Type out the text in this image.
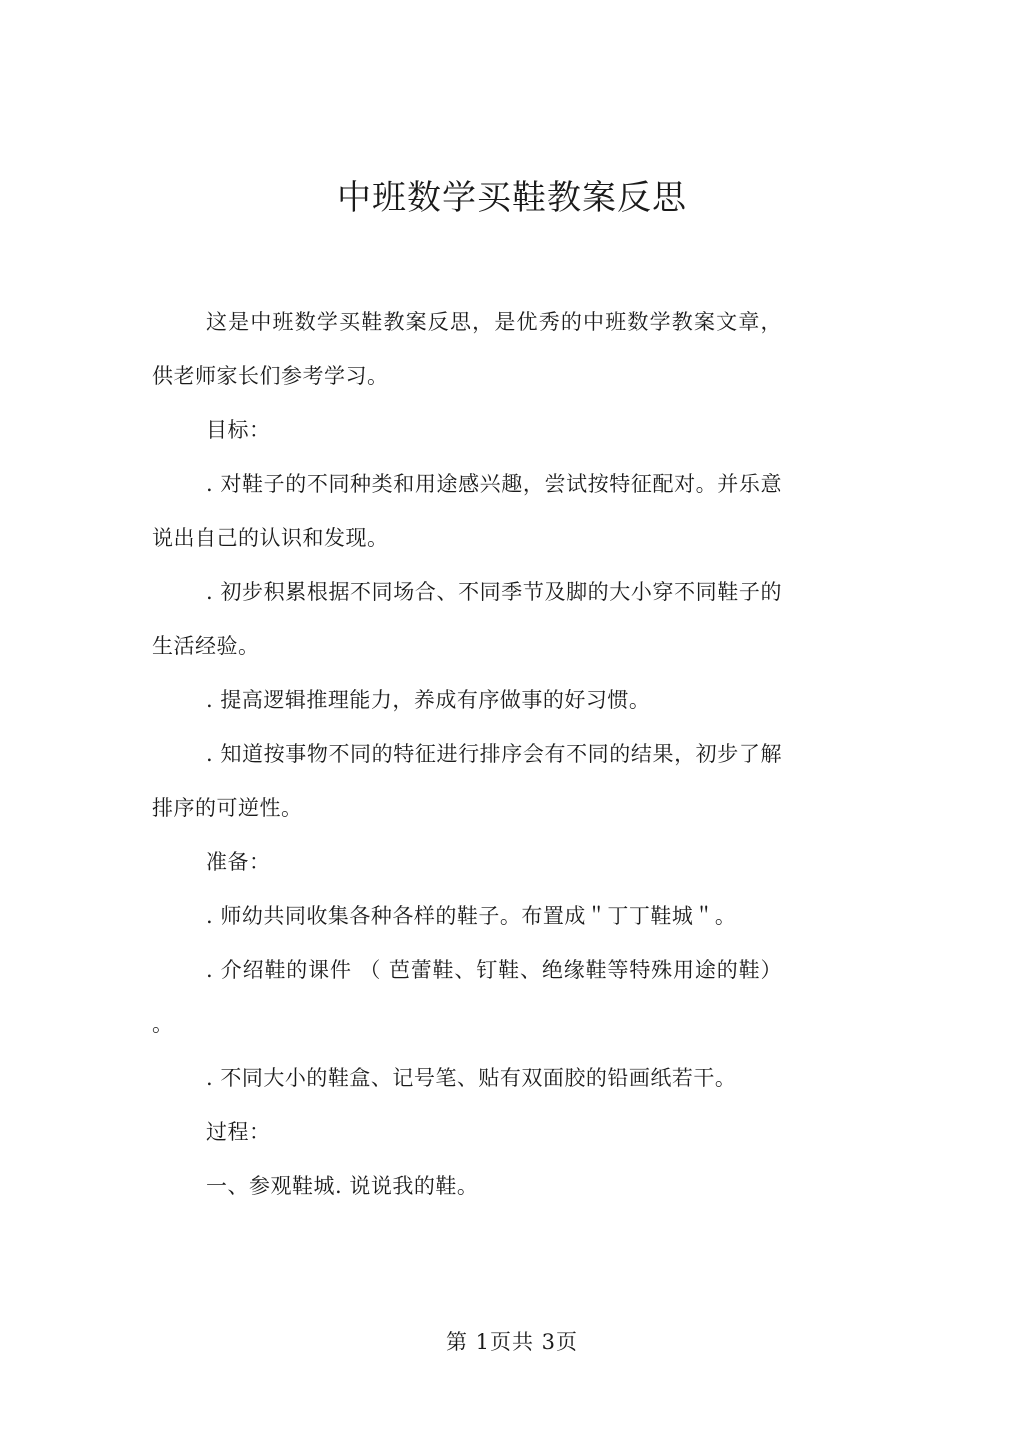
中班数学买鞋教案反思

这是中班数学买鞋教案反思，是优秀的中班数学教案文章，供老师家长们参考学习。

目标：

. 对鞋子的不同种类和用途感兴趣，尝试按特征配对。并乐意说出自己的认识和发现。

. 初步积累根据不同场合、不同季节及脚的大小穿不同鞋子的生活经验。

. 提高逻辑推理能力，养成有序做事的好习惯。

. 知道按事物不同的特征进行排序会有不同的结果，初步了解排序的可逆性。

准备：

. 师幼共同收集各种各样的鞋子。布置成＂丁丁鞋城＂。

. 介绍鞋的课件 （ 芭蕾鞋、钉鞋、绝缘鞋等特殊用途的鞋） 。

. 不同大小的鞋盒、记号笔、贴有双面胶的铅画纸若干。

过程：

一、参观鞋城. 说说我的鞋。

第 1页共 3页
